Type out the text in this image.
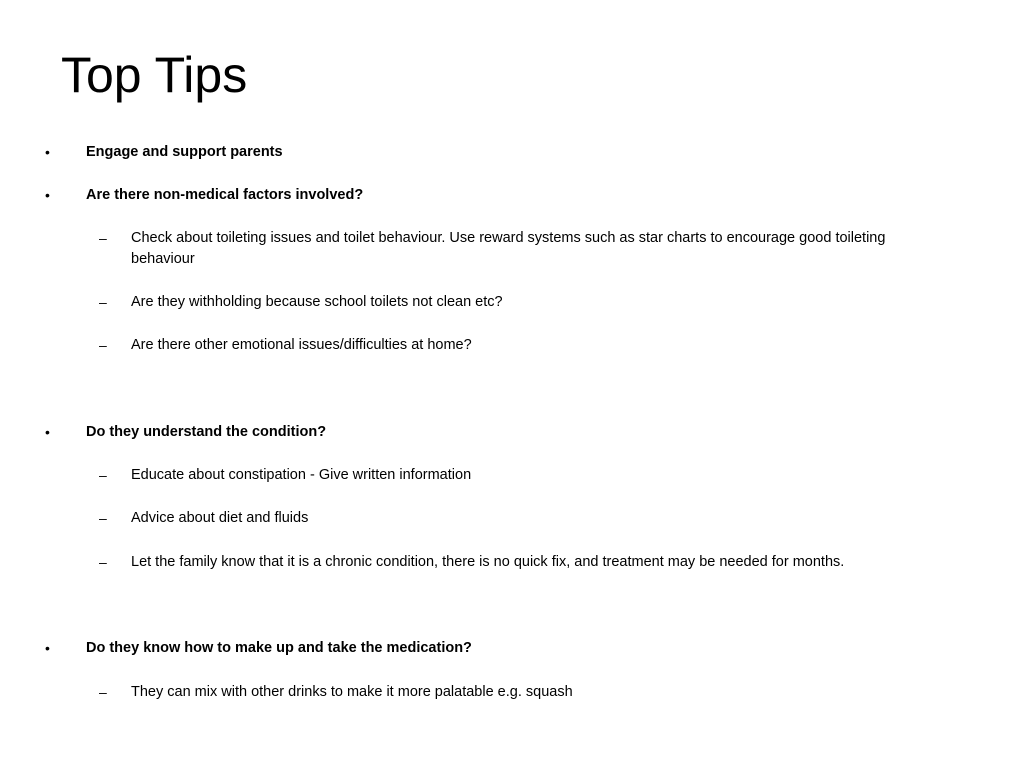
Top Tips
• Engage and support parents
• Are there non-medical factors involved?
– Check about toileting issues and toilet behaviour. Use reward systems such as star charts to encourage good toileting behaviour
– Are they withholding because school toilets not clean etc?
– Are there other emotional issues/difficulties at home?
• Do they understand the condition?
– Educate about constipation - Give written information
– Advice about diet and fluids
– Let the family know that it is a chronic condition, there is no quick fix, and treatment may be needed for months.
• Do they know how to make up and take the medication?
– They can mix with other drinks to make it more palatable e.g. squash
